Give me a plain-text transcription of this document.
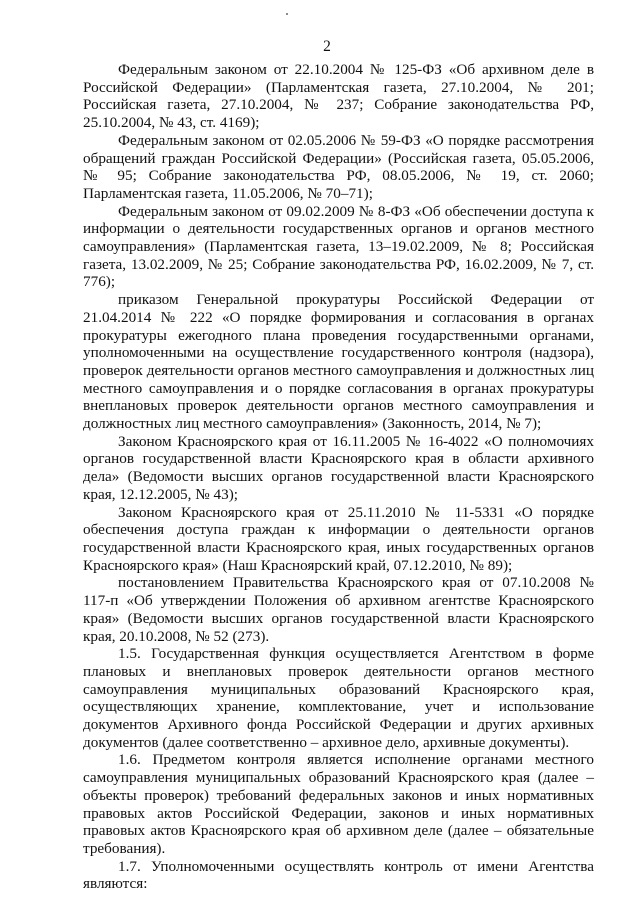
2

Федеральным законом от 22.10.2004 № 125-ФЗ «Об архивном деле в Российской Федерации» (Парламентская газета, 27.10.2004, № 201; Российская газета, 27.10.2004, № 237; Собрание законодательства РФ, 25.10.2004, № 43, ст. 4169);

Федеральным законом от 02.05.2006 № 59-ФЗ «О порядке рассмотрения обращений граждан Российской Федерации» (Российская газета, 05.05.2006, № 95; Собрание законодательства РФ, 08.05.2006, № 19, ст. 2060; Парламентская газета, 11.05.2006, № 70–71);

Федеральным законом от 09.02.2009 № 8-ФЗ «Об обеспечении доступа к информации о деятельности государственных органов и органов местного самоуправления» (Парламентская газета, 13–19.02.2009, № 8; Российская газета, 13.02.2009, № 25; Собрание законодательства РФ, 16.02.2009, № 7, ст. 776);

приказом Генеральной прокуратуры Российской Федерации от 21.04.2014 № 222 «О порядке формирования и согласования в органах прокуратуры ежегодного плана проведения государственными органами, уполномоченными на осуществление государственного контроля (надзора), проверок деятельности органов местного самоуправления и должностных лиц местного самоуправления и о порядке согласования в органах прокуратуры внеплановых проверок деятельности органов местного самоуправления и должностных лиц местного самоуправления» (Законность, 2014, № 7);

Законом Красноярского края от 16.11.2005 № 16-4022 «О полномочиях органов государственной власти Красноярского края в области архивного дела» (Ведомости высших органов государственной власти Красноярского края, 12.12.2005, № 43);

Законом Красноярского края от 25.11.2010 № 11-5331 «О порядке обеспечения доступа граждан к информации о деятельности органов государственной власти Красноярского края, иных государственных органов Красноярского края» (Наш Красноярский край, 07.12.2010, № 89);

постановлением Правительства Красноярского края от 07.10.2008 № 117-п «Об утверждении Положения об архивном агентстве Красноярского края» (Ведомости высших органов государственной власти Красноярского края, 20.10.2008, № 52 (273).

1.5. Государственная функция осуществляется Агентством в форме плановых и внеплановых проверок деятельности органов местного самоуправления муниципальных образований Красноярского края, осуществляющих хранение, комплектование, учет и использование документов Архивного фонда Российской Федерации и других архивных документов (далее соответственно – архивное дело, архивные документы).

1.6. Предметом контроля является исполнение органами местного самоуправления муниципальных образований Красноярского края (далее – объекты проверок) требований федеральных законов и иных нормативных правовых актов Российской Федерации, законов и иных нормативных правовых актов Красноярского края об архивном деле (далее – обязательные требования).

1.7. Уполномоченными осуществлять контроль от имени Агентства являются:
